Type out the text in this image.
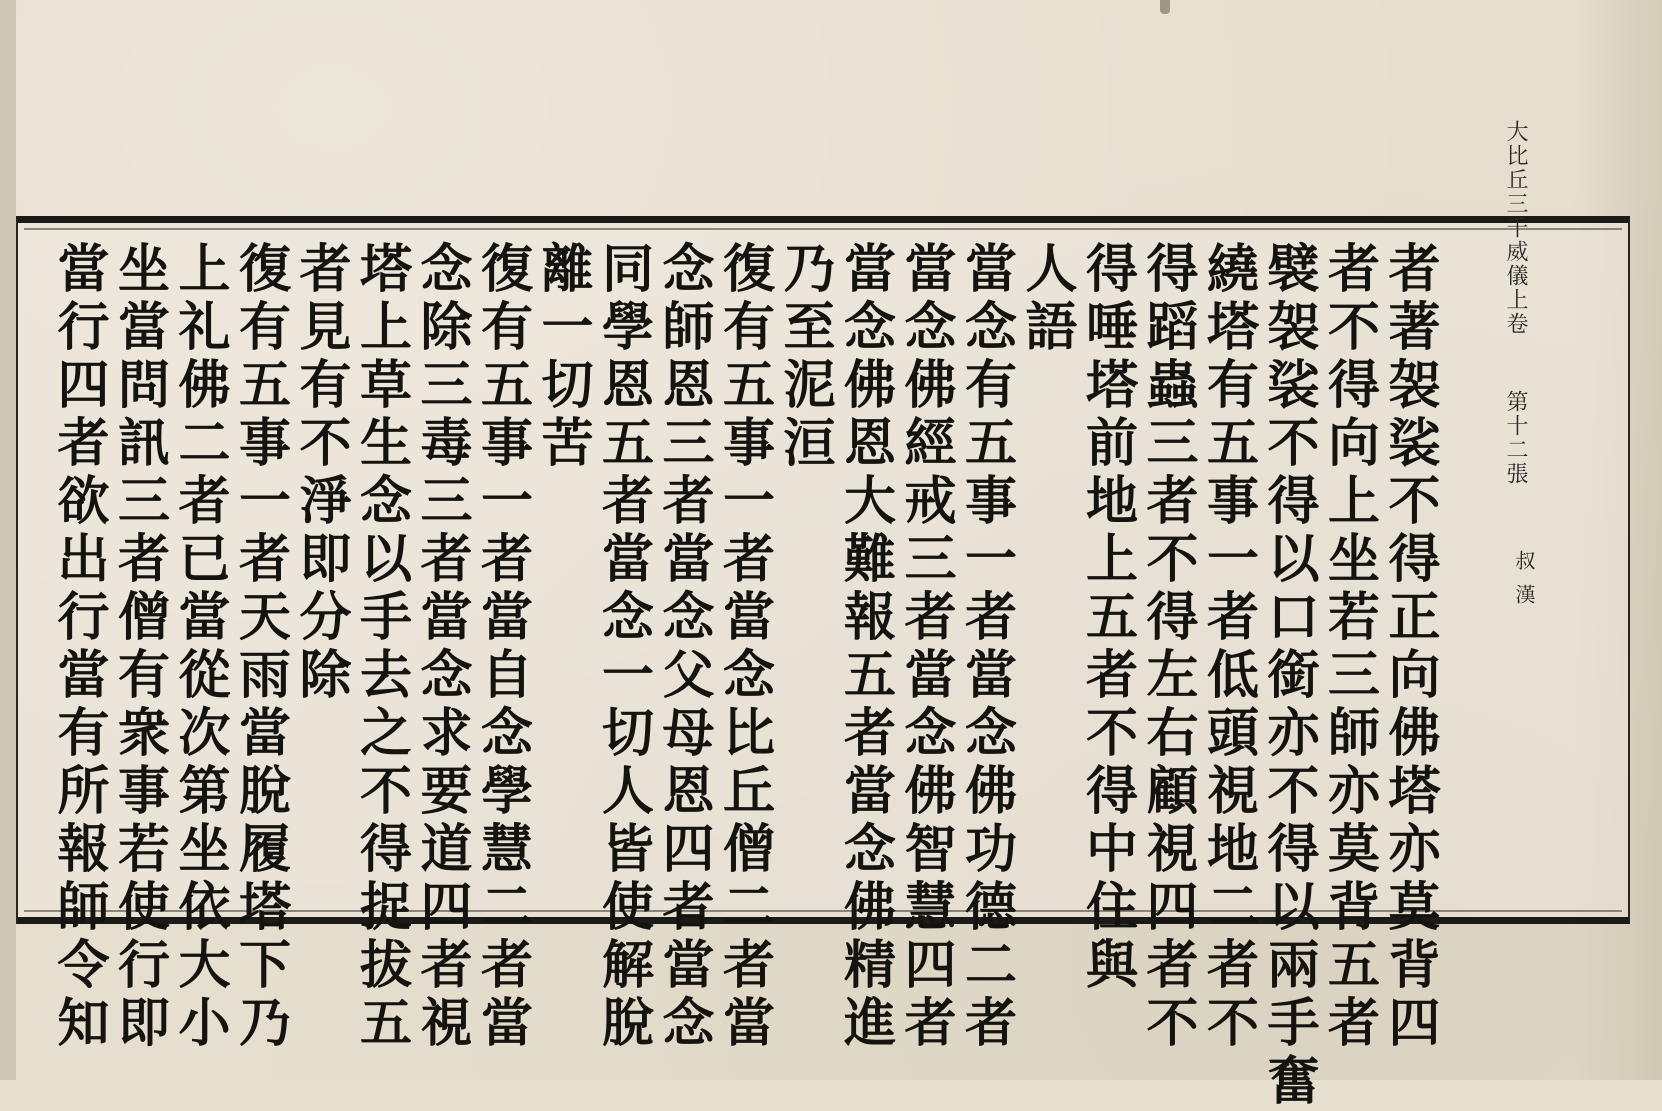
者著袈裟不得正向佛塔亦莫背四
者不得向上坐若三師亦莫背五者
襞袈裟不得以口銜亦不得以兩手奮
繞塔有五事一者低頭視地二者不
得蹈蟲三者不得左右顧視四者不
得唾塔前地上五者不得中住與
人語
當念有五事一者當念佛功德二者
當念佛經戒三者當念佛智慧四者
當念佛恩大難報五者當念佛精進
乃至泥洹
復有五事一者當念比丘僧二者當
念師恩三者當念父母恩四者當念
同學恩五者當念一切人皆使解脫
離一切苦
復有五事一者當自念學慧二者當
念除三毒三者當念求要道四者視
塔上草生念以手去之不得捉拔五
者見有不淨即分除
復有五事一者天雨當脫履塔下乃
上礼佛二者已當從次第坐依大小
坐當問訊三者僧有衆事若使行即
當行四者欲出行當有所報師令知
大比丘三千威儀上卷
第十二張
叔漢
